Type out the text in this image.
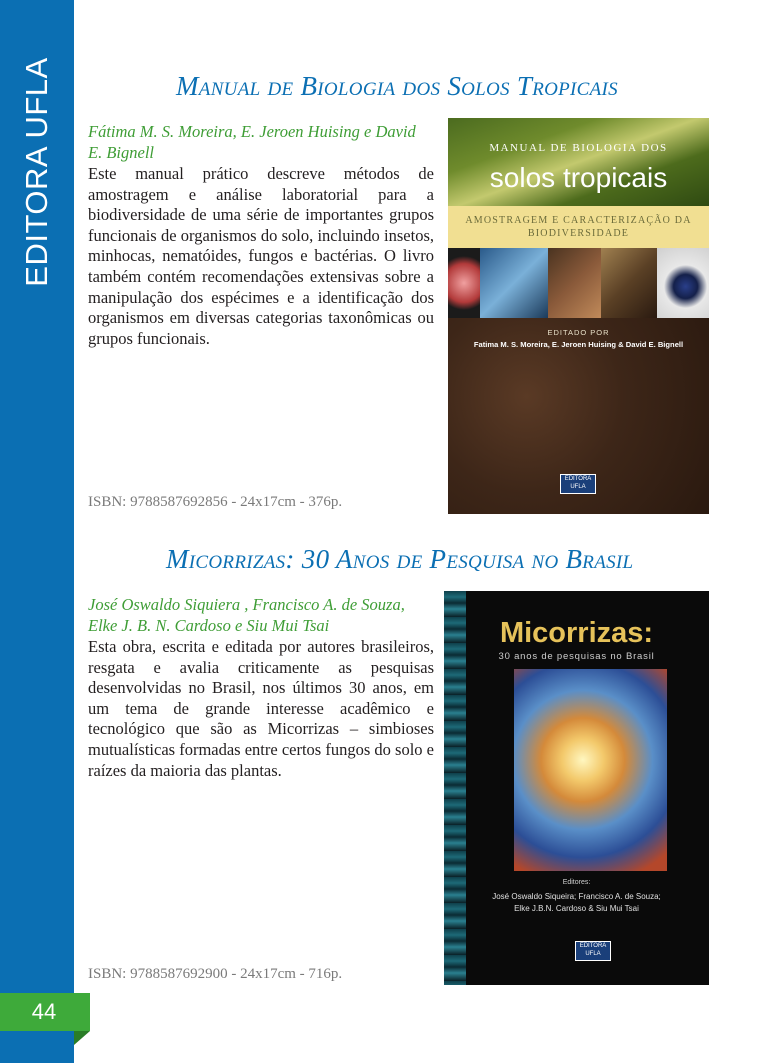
EDITORA UFLA
44
Manual de Biologia dos Solos Tropicais
Fátima M. S. Moreira, E. Jeroen Huising e David E. Bignell
Este manual prático descreve métodos de amostragem e análise laboratorial para a biodiversidade de uma série de importantes grupos funcionais de organismos do solo, incluindo insetos, minhocas, nematóides, fungos e bactérias. O livro também contém recomendações extensivas sobre a manipulação dos espécimes e a identificação dos organismos em diversas categorias taxonômicas ou grupos funcionais.
ISBN: 9788587692856 - 24x17cm - 376p.
MANUAL DE BIOLOGIA DOS
solos tropicais
AMOSTRAGEM E CARACTERIZAÇÃO DA BIODIVERSIDADE
EDITADO POR
Fatima M. S. Moreira, E. Jeroen Huising & David E. Bignell
EDITORA UFLA
Micorrizas: 30 Anos de Pesquisa no Brasil
José Oswaldo Siquiera , Francisco A. de Souza, Elke J. B. N. Cardoso e Siu Mui Tsai
Esta obra, escrita e editada por autores brasileiros, resgata e avalia criticamente as pesquisas desenvolvidas no Brasil, nos últimos 30 anos, em um tema de grande interesse acadêmico e tecnológico que são as Micorrizas – simbioses mutualísticas formadas entre certos fungos do solo e raízes da maioria das plantas.
ISBN: 9788587692900 - 24x17cm - 716p.
Micorrizas:
30 anos de pesquisas no Brasil
Editores:
José Oswaldo Siqueira; Francisco A. de Souza;
Elke J.B.N. Cardoso & Siu Mui Tsai
EDITORA UFLA
